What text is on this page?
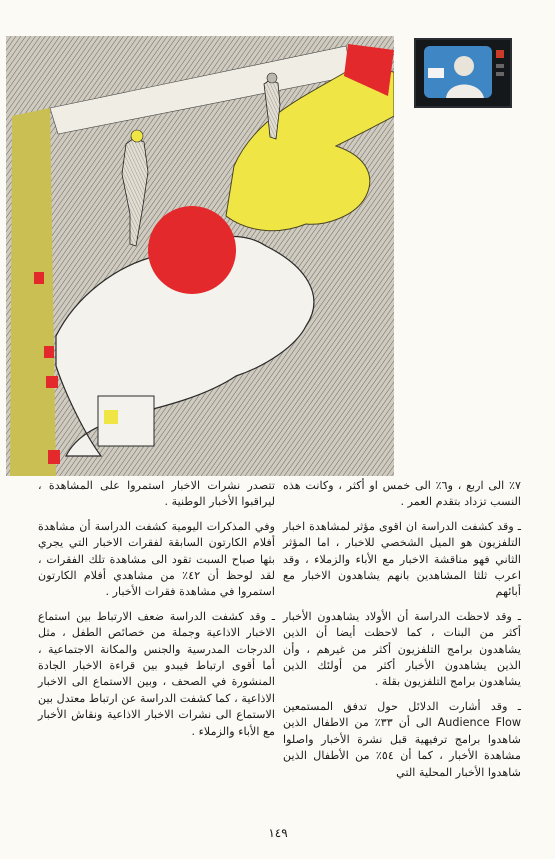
٧٪ الى اربع ، و٦٪ الى خمس او أكثر ، وكانت هذه النسب تزداد بتقدم العمر .

ـ وقد كشفت الدراسة ان اقوى مؤثر لمشاهدة اخبار التلفزيون هو الميل الشخصي للاخبار ، اما المؤثر الثاني فهو مناقشة الاخبار مع الأباء والزملاء ، وقد اعرب ثلثا المشاهدين بانهم يشاهدون الاخبار مع أبائهم

ـ وقد لاحظت الدراسة أن الأولاد يشاهدون الأخبار أكثر من البنات ، كما لاحظت أيضا أن الذين يشاهدون برامج التلفزيون أكثر من غيرهم ، وأن الذين يشاهدون الأخبار أكثر من أولئك الذين يشاهدون برامج التلفزيون بقلة .

ـ وقد أشارت الدلائل حول تدفق المستمعين Audience Flow الى أن ٣٣٪ من الاطفال الذين شاهدوا برامج ترفيهية قبل نشرة الأخبار واصلوا مشاهدة الأخبار ، كما أن ٥٤٪ من الأطفال الذين شاهدوا الأخبار المحلية التي

تتصدر نشرات الاخبار استمروا على المشاهدة ، ليراقبوا الأخبار الوطنية .

وفي المذكرات اليومية كشفت الدراسة أن مشاهدة أفلام الكارتون السابقة لفقرات الاخبار التي يجري بثها صباح السبت تقود الى مشاهدة تلك الفقرات ، لقد لوحظ أن ٤٢٪ من مشاهدي أفلام الكارتون استمروا في مشاهدة فقرات الأخبار .

ـ وقد كشفت الدراسة ضعف الارتباط بين استماع الاخبار الاذاعية وجملة من خصائص الطفل ، مثل الدرجات المدرسية والجنس والمكانة الاجتماعية ، أما أقوى ارتباط فيبدو بين قراءة الاخبار الجادة المنشورة في الصحف ، وبين الاستماع الى الاخبار الاذاعية ، كما كشفت الدراسة عن ارتباط معتدل بين الاستماع الى نشرات الاخبار الاذاعية ونقاش الأخبار مع الأباء والزملاء .

١٤٩
